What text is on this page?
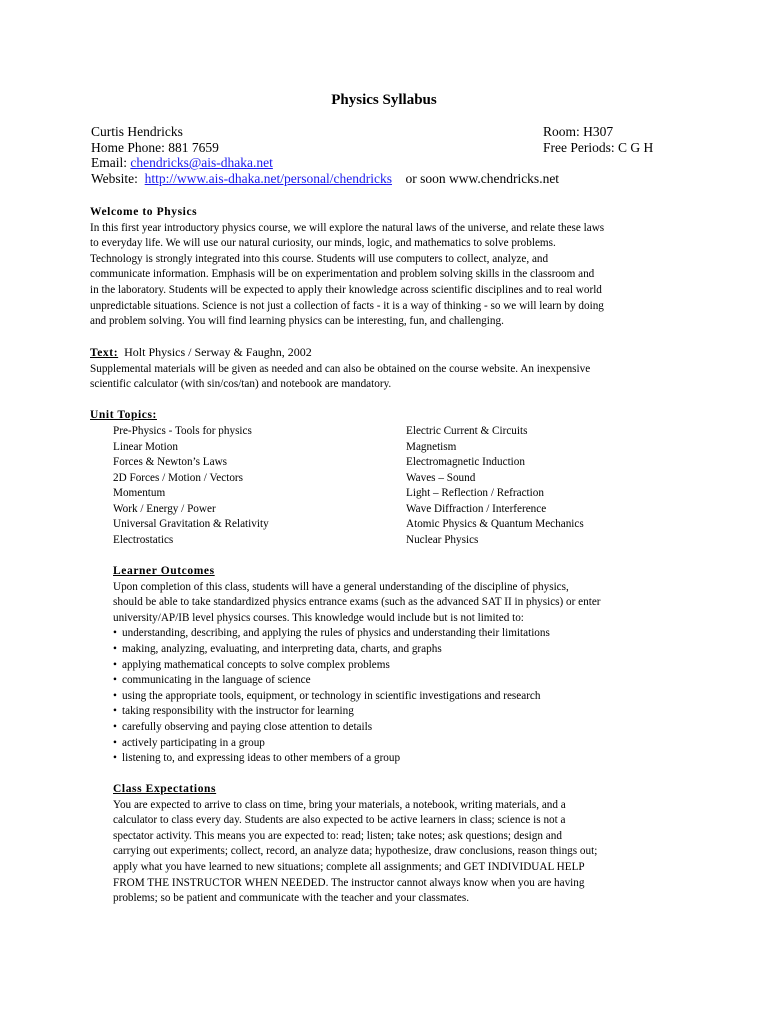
Physics Syllabus
Curtis Hendricks	Room: H307
Home Phone: 881 7659	Free Periods: C G H
Email: chendricks@ais-dhaka.net
Website: http://www.ais-dhaka.net/personal/chendricks or soon www.chendricks.net
Welcome to Physics
In this first year introductory physics course, we will explore the natural laws of the universe, and relate these laws
to everyday life. We will use our natural curiosity, our minds, logic, and mathematics to solve problems.
Technology is strongly integrated into this course. Students will use computers to collect, analyze, and
communicate information. Emphasis will be on experimentation and problem solving skills in the classroom and
in the laboratory. Students will be expected to apply their knowledge across scientific disciplines and to real world
unpredictable situations. Science is not just a collection of facts - it is a way of thinking - so we will learn by doing
and problem solving. You will find learning physics can be interesting, fun, and challenging.
Text: Holt Physics / Serway & Faughn, 2002
Supplemental materials will be given as needed and can also be obtained on the course website. An inexpensive
scientific calculator (with sin/cos/tan) and notebook are mandatory.
Unit Topics:
Pre-Physics - Tools for physics	Electric Current & Circuits
Linear Motion	Magnetism
Forces & Newton’s Laws	Electromagnetic Induction
2D Forces / Motion / Vectors	Waves – Sound
Momentum	Light – Reflection / Refraction
Work / Energy / Power	Wave Diffraction / Interference
Universal Gravitation & Relativity	Atomic Physics & Quantum Mechanics
Electrostatics	Nuclear Physics
Learner Outcomes
Upon completion of this class, students will have a general understanding of the discipline of physics,
should be able to take standardized physics entrance exams (such as the advanced SAT II in physics) or enter
university/AP/IB level physics courses. This knowledge would include but is not limited to:
• understanding, describing, and applying the rules of physics and understanding their limitations
• making, analyzing, evaluating, and interpreting data, charts, and graphs
• applying mathematical concepts to solve complex problems
• communicating in the language of science
• using the appropriate tools, equipment, or technology in scientific investigations and research
• taking responsibility with the instructor for learning
• carefully observing and paying close attention to details
• actively participating in a group
• listening to, and expressing ideas to other members of a group
Class Expectations
You are expected to arrive to class on time, bring your materials, a notebook, writing materials, and a
calculator to class every day. Students are also expected to be active learners in class; science is not a
spectator activity. This means you are expected to: read; listen; take notes; ask questions; design and
carrying out experiments; collect, record, an analyze data; hypothesize, draw conclusions, reason things out;
apply what you have learned to new situations; complete all assignments; and GET INDIVIDUAL HELP
FROM THE INSTRUCTOR WHEN NEEDED. The instructor cannot always know when you are having
problems; so be patient and communicate with the teacher and your classmates.
